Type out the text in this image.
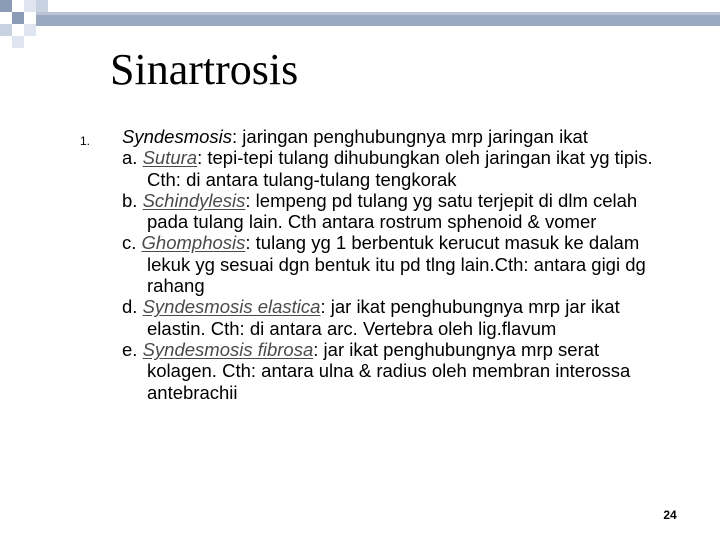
Sinartrosis
1. Syndesmosis: jaringan penghubungnya mrp jaringan ikat
a. Sutura: tepi-tepi tulang dihubungkan oleh jaringan ikat yg tipis. Cth: di antara tulang-tulang tengkorak
b. Schindylesis: lempeng pd tulang yg satu terjepit di dlm celah pada tulang lain. Cth antara rostrum sphenoid & vomer
c. Ghomphosis: tulang yg 1 berbentuk kerucut masuk ke dalam lekuk yg sesuai dgn bentuk itu pd tlng lain.Cth: antara gigi dg rahang
d. Syndesmosis elastica: jar ikat penghubungnya mrp jar ikat elastin. Cth: di antara arc. Vertebra oleh lig.flavum
e. Syndesmosis fibrosa: jar ikat penghubungnya mrp serat kolagen. Cth: antara ulna & radius oleh membran interossa antebrachii
24
